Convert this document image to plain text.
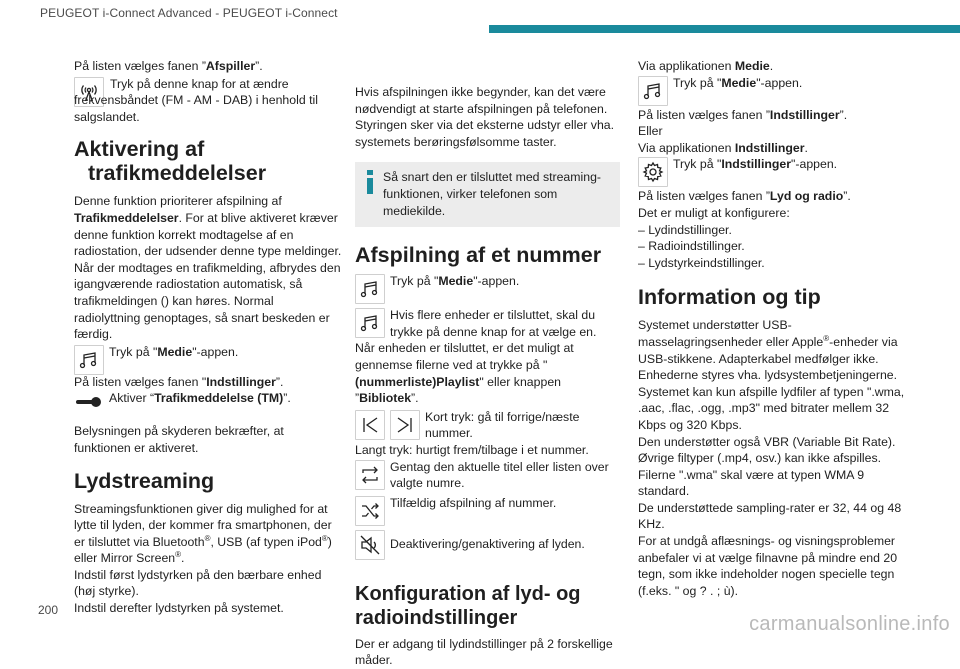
PEUGEOT i-Connect Advanced - PEUGEOT i-Connect

På listen vælges fanen ”Afspiller”.

Tryk på denne knap for at ændre frekvensbåndet (FM - AM - DAB) i henhold til salgslandet.

Aktivering af trafikmeddelelser

Denne funktion prioriterer afspilning af Trafikmeddelelser. For at blive aktiveret kræver denne funktion korrekt modtagelse af en radiostation, der udsender denne type meldinger. Når der modtages en trafikmelding, afbrydes den igangværende radiostation automatisk, så trafikmeldingen () kan høres. Normal radiolyttning genoptages, så snart beskeden er færdig.

Tryk på "Medie"-appen.

På listen vælges fanen "Indstillinger”.

Aktiver “Trafikmeddelelse (TM)”.

Belysningen på skyderen bekræfter, at funktionen er aktiveret.

Lydstreaming

Streamingsfunktionen giver dig mulighed for at lytte til lyden, der kommer fra smartphonen, der er tilsluttet via Bluetooth®, USB (af typen iPod®) eller Mirror Screen®.

Indstil først lydstyrken på den bærbare enhed (høj styrke).

Indstil derefter lydstyrken på systemet.

Hvis afspilningen ikke begynder, kan det være nødvendigt at starte afspilningen på telefonen. Styringen sker via det eksterne udstyr eller vha. systemets berøringsfølsomme taster.

Så snart den er tilsluttet med streaming-funktionen, virker telefonen som mediekilde.

Afspilning af et nummer

Tryk på "Medie"-appen.

Hvis flere enheder er tilsluttet, skal du trykke på denne knap for at vælge en.

Når enheden er tilsluttet, er det muligt at gennemse filerne ved at trykke på "(nummerliste)Playlist" eller knappen ”Bibliotek”.

Kort tryk: gå til forrige/næste nummer.

Langt tryk: hurtigt frem/tilbage i et nummer.

Gentag den aktuelle titel eller listen over valgte numre.

Tilfældig afspilning af nummer.

Deaktivering/genaktivering af lyden.

Konfiguration af lyd- og radioindstillinger

Der er adgang til lydindstillinger på 2 forskellige måder.

Via applikationen Medie.

Tryk på "Medie"-appen.

På listen vælges fanen ”Indstillinger”.

Eller

Via applikationen Indstillinger.

Tryk på "Indstillinger"-appen.

På listen vælges fanen ”Lyd og radio”.

Det er muligt at konfigurere:

– Lydindstillinger.

– Radioindstillinger.

– Lydstyrkeindstillinger.

Information og tip

Systemet understøtter USB-masselagringsenheder eller Apple®-enheder via USB-stikkene. Adapterkabel medfølger ikke.

Enhederne styres vha. lydsystembetjeningerne.

Systemet kan kun afspille lydfiler af typen ".wma, .aac, .flac, .ogg, .mp3" med bitrater mellem 32 Kbps og 320 Kbps.

Den understøtter også VBR (Variable Bit Rate).

Øvrige filtyper (.mp4, osv.) kan ikke afspilles.

Filerne ".wma" skal være at typen WMA 9 standard.

De understøttede sampling-rater er 32, 44 og 48 KHz.

For at undgå aflæsnings- og visningsproblemer anbefaler vi at vælge filnavne på mindre end 20 tegn, som ikke indeholder nogen specielle tegn (f.eks. " og ? . ; ù).

200
carmanualsonline.info
